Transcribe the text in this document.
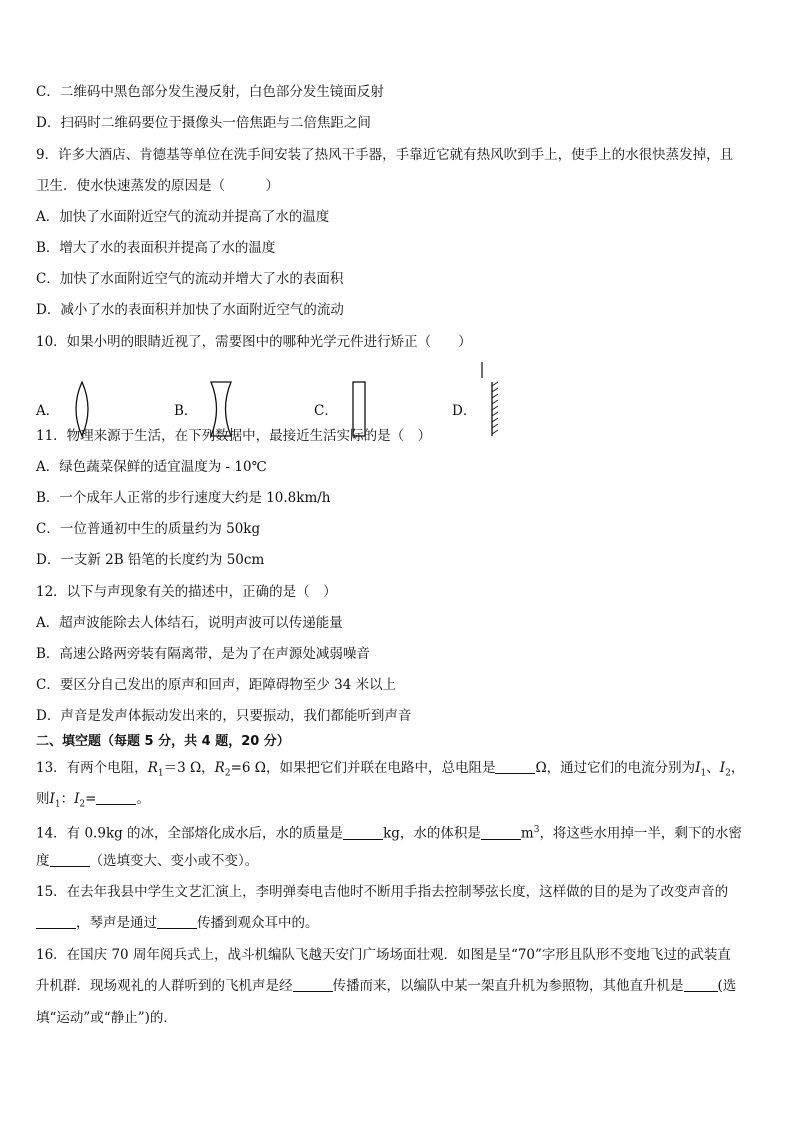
C．二维码中黑色部分发生漫反射，白色部分发生镜面反射
D．扫码时二维码要位于摄像头一倍焦距与二倍焦距之间
9．许多大酒店、肯德基等单位在洗手间安装了热风干手器，手靠近它就有热风吹到手上，使手上的水很快蒸发掉，且
卫生．使水快速蒸发的原因是（　　　）
A．加快了水面附近空气的流动并提高了水的温度
B．增大了水的表面积并提高了水的温度
C．加快了水面附近空气的流动并增大了水的表面积
D．减小了水的表面积并加快了水面附近空气的流动
10．如果小明的眼睛近视了，需要图中的哪种光学元件进行矫正（　　）
A．	B．	C．	D．
11．物理来源于生活，在下列数据中，最接近生活实际的是（　）
A．绿色蔬菜保鲜的适宜温度为 - 10℃
B．一个成年人正常的步行速度大约是 10.8km/h
C．一位普通初中生的质量约为 50kg
D．一支新 2B 铅笔的长度约为 50cm
12．以下与声现象有关的描述中，正确的是（　）
A．超声波能除去人体结石，说明声波可以传递能量
B．高速公路两旁装有隔离带，是为了在声源处减弱噪音
C．要区分自己发出的原声和回声，距障碍物至少 34 米以上
D．声音是发声体振动发出来的，只要振动，我们都能听到声音
二、填空题（每题 5 分，共 4 题，20 分）
13．有两个电阻，$R_1=3$ Ω，$R_2=6$ Ω，如果把它们并联在电路中，总电阻是	Ω，通过它们的电流分别为$I_1$、$I_2$，
则$I_1$：$I_2=$	。
14．有 0.9kg 的冰，全部熔化成水后，水的质量是	kg，水的体积是	$m^3$，将这些水用掉一半，剩下的水密
度	（选填变大、变小或不变）。
15．在去年我县中学生文艺汇演上，李明弹奏电吉他时不断用手指去控制琴弦长度，这样做的目的是为了改变声音的
，琴声是通过	传播到观众耳中的。
16．在国庆 70 周年阅兵式上，战斗机编队飞越天安门广场场面壮观．如图是呈“70”字形且队形不变地飞过的武装直
升机群．现场观礼的人群听到的飞机声是经	传播而来，以编队中某一架直升机为参照物，其他直升机是	(选
填“运动”或“静止”)的．
